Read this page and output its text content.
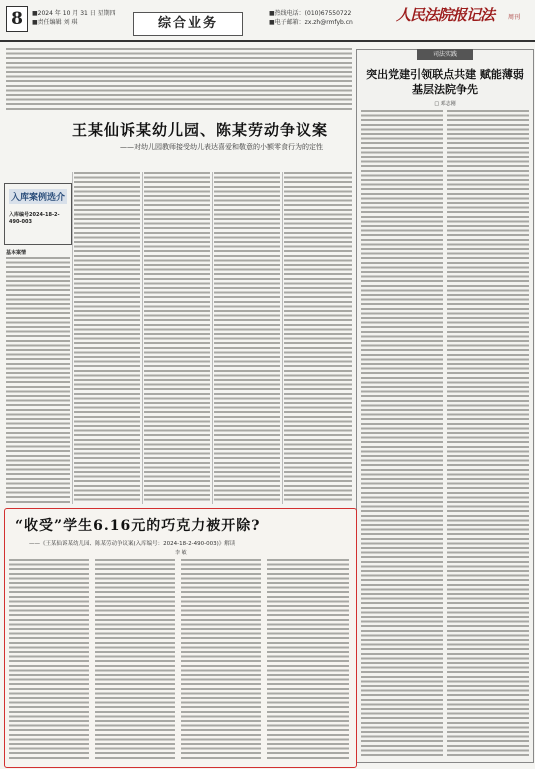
8	■2024 年 10 月 31 日 星期四
■责任编辑 刘 琪	综合业务
■热线电话：(010)67550722
■电子邮箱：zx.zh@rmfyb.cn	人民法院报记法 周刊
王某仙诉某幼儿园、陈某劳动争议案
——对幼儿园教师接受幼儿表达喜爱和敬意的小额零食行为的定性
入库案例选介
入库编号2024-18-2-490-003
基本案情
司法实践
突出党建引领联点共建 赋能薄弱基层法院争先
□ 邓志刚
“收受”学生6.16元的巧克力被开除?
——《王某仙诉某幼儿园、陈某劳动争议案(入库编号：2024-18-2-490-003)》解读
李 敏
